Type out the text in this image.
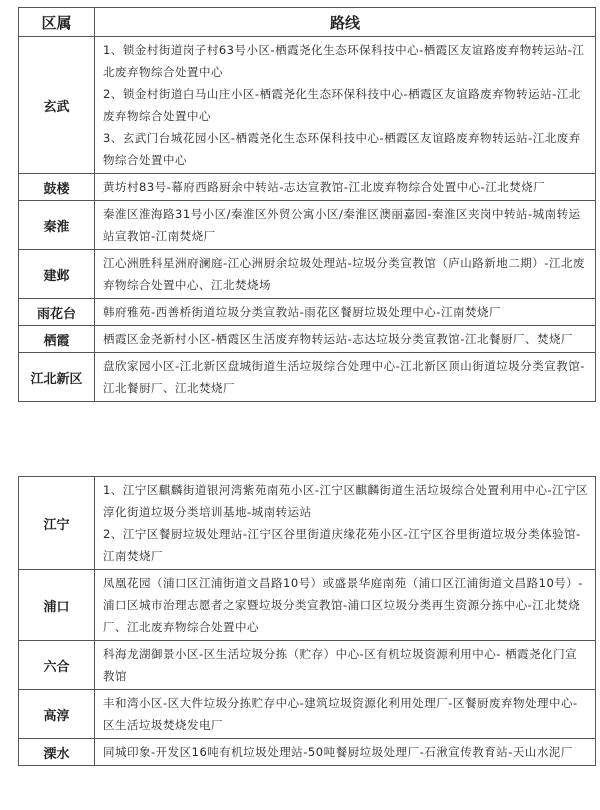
区属	路线
玄武	1、锁金村街道岗子村63号小区-栖霞尧化生态环保科技中心-栖霞区友谊路废弃物转运站-江北废弃物综合处置中心

2、锁金村街道白马山庄小区-栖霞尧化生态环保科技中心-栖霞区友谊路废弃物转运站-江北废弃物综合处置中心

3、玄武门台城花园小区-栖霞尧化生态环保科技中心-栖霞区友谊路废弃物转运站-江北废弃物综合处置中心

鼓楼	黄坊村83号-幕府西路厨余中转站-志达宣教馆-江北废弃物综合处置中心-江北焚烧厂

秦淮	秦淮区淮海路31号小区/秦淮区外贸公寓小区/秦淮区澳丽嘉园-秦淮区夹岗中转站-城南转运站宣教馆-江南焚烧厂

建邺	江心洲胜科星洲府澜庭-江心洲厨余垃圾处理站-垃圾分类宣教馆（庐山路新地二期）-江北废弃物综合处置中心、江北焚烧场

雨花台	韩府雅苑-西善桥街道垃圾分类宣教站-雨花区餐厨垃圾处理中心-江南焚烧厂

栖霞	栖霞区金尧新村小区-栖霞区生活废弃物转运站-志达垃圾分类宣教馆-江北餐厨厂、焚烧厂

江北新区	盘欣家园小区-江北新区盘城街道生活垃圾综合处理中心-江北新区顶山街道垃圾分类宣教馆-江北餐厨厂、江北焚烧厂

江宁	1、江宁区麒麟街道银河湾紫苑南苑小区-江宁区麒麟街道生活垃圾综合处置利用中心-江宁区淳化街道垃圾分类培训基地-城南转运站

2、江宁区餐厨垃圾处理站-江宁区谷里街道庆缘花苑小区-江宁区谷里街道垃圾分类体验馆-江南焚烧厂

浦口	凤凰花园（浦口区江浦街道文昌路10号）或盛景华庭南苑（浦口区江浦街道文昌路10号）-浦口区城市治理志愿者之家暨垃圾分类宣教馆-浦口区垃圾分类再生资源分拣中心-江北焚烧厂、江北废弃物综合处置中心

六合	科海龙湖御景小区-区生活垃圾分拣（贮存）中心-区有机垃圾资源利用中心- 栖霞尧化门宣教馆

高淳	丰和湾小区-区大件垃圾分拣贮存中心-建筑垃圾资源化利用处理厂-区餐厨废弃物处理中心-区生活垃圾焚烧发电厂

溧水	同城印象-开发区16吨有机垃圾处理站-50吨餐厨垃圾处理厂-石湫宣传教育站-天山水泥厂
